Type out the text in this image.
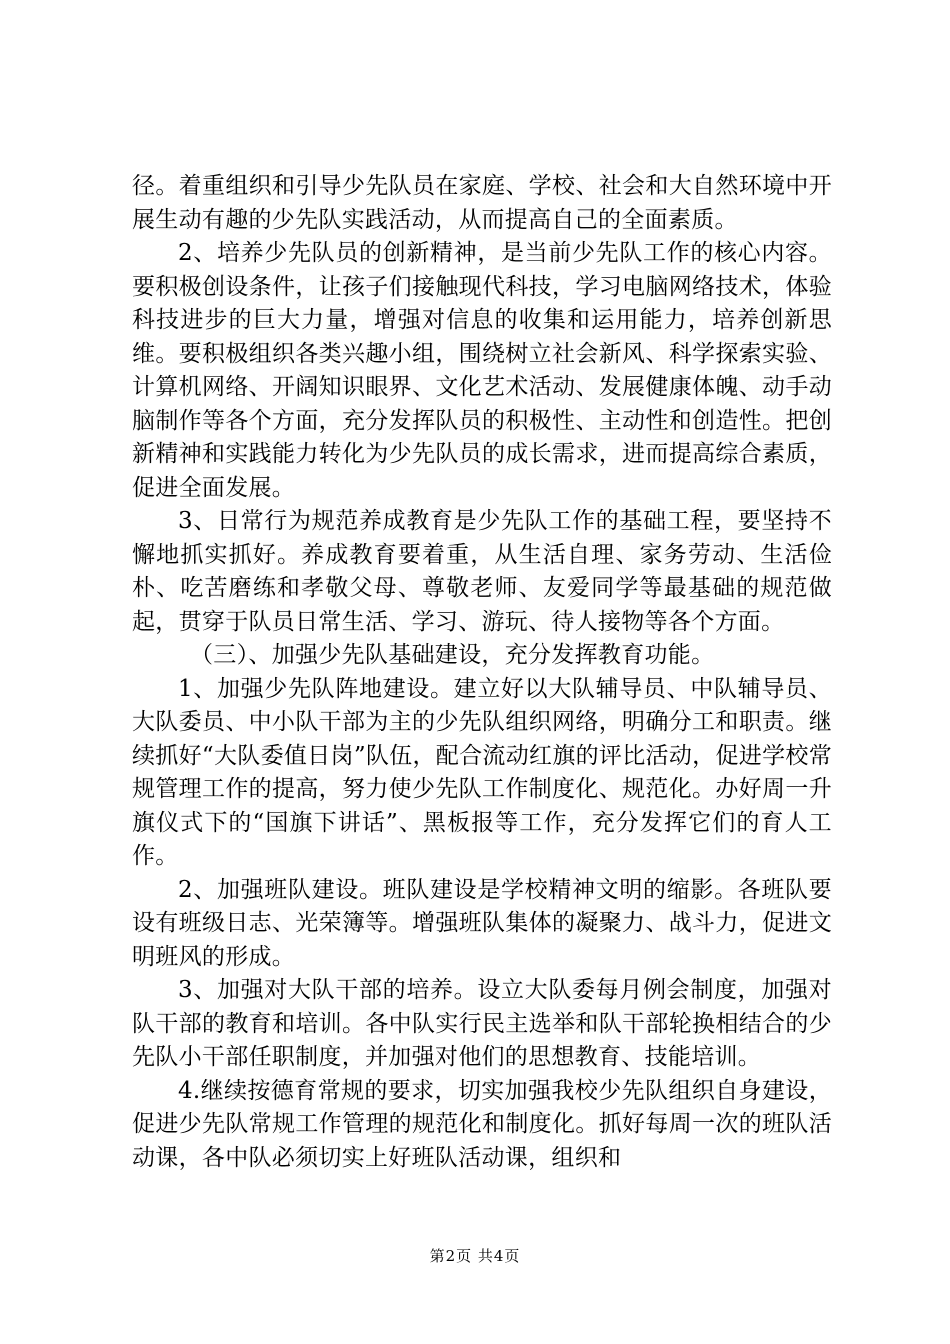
径。着重组织和引导少先队员在家庭、学校、社会和大自然环境中开展生动有趣的少先队实践活动，从而提高自己的全面素质。

2、培养少先队员的创新精神，是当前少先队工作的核心内容。要积极创设条件，让孩子们接触现代科技，学习电脑网络技术，体验科技进步的巨大力量，增强对信息的收集和运用能力，培养创新思维。要积极组织各类兴趣小组，围绕树立社会新风、科学探索实验、计算机网络、开阔知识眼界、文化艺术活动、发展健康体魄、动手动脑制作等各个方面，充分发挥队员的积极性、主动性和创造性。把创新精神和实践能力转化为少先队员的成长需求，进而提高综合素质，促进全面发展。

3、日常行为规范养成教育是少先队工作的基础工程，要坚持不懈地抓实抓好。养成教育要着重，从生活自理、家务劳动、生活俭朴、吃苦磨练和孝敬父母、尊敬老师、友爱同学等最基础的规范做起，贯穿于队员日常生活、学习、游玩、待人接物等各个方面。

（三）、加强少先队基础建设，充分发挥教育功能。

1、加强少先队阵地建设。建立好以大队辅导员、中队辅导员、大队委员、中小队干部为主的少先队组织网络，明确分工和职责。继续抓好“大队委值日岗”队伍，配合流动红旗的评比活动，促进学校常规管理工作的提高，努力使少先队工作制度化、规范化。办好周一升旗仪式下的“国旗下讲话”、黑板报等工作，充分发挥它们的育人工作。

2、加强班队建设。班队建设是学校精神文明的缩影。各班队要设有班级日志、光荣簿等。增强班队集体的凝聚力、战斗力，促进文明班风的形成。

3、加强对大队干部的培养。设立大队委每月例会制度，加强对队干部的教育和培训。各中队实行民主选举和队干部轮换相结合的少先队小干部任职制度，并加强对他们的思想教育、技能培训。

4.继续按德育常规的要求，切实加强我校少先队组织自身建设，促进少先队常规工作管理的规范化和制度化。抓好每周一次的班队活动课，各中队必须切实上好班队活动课，组织和

第2页 共4页
